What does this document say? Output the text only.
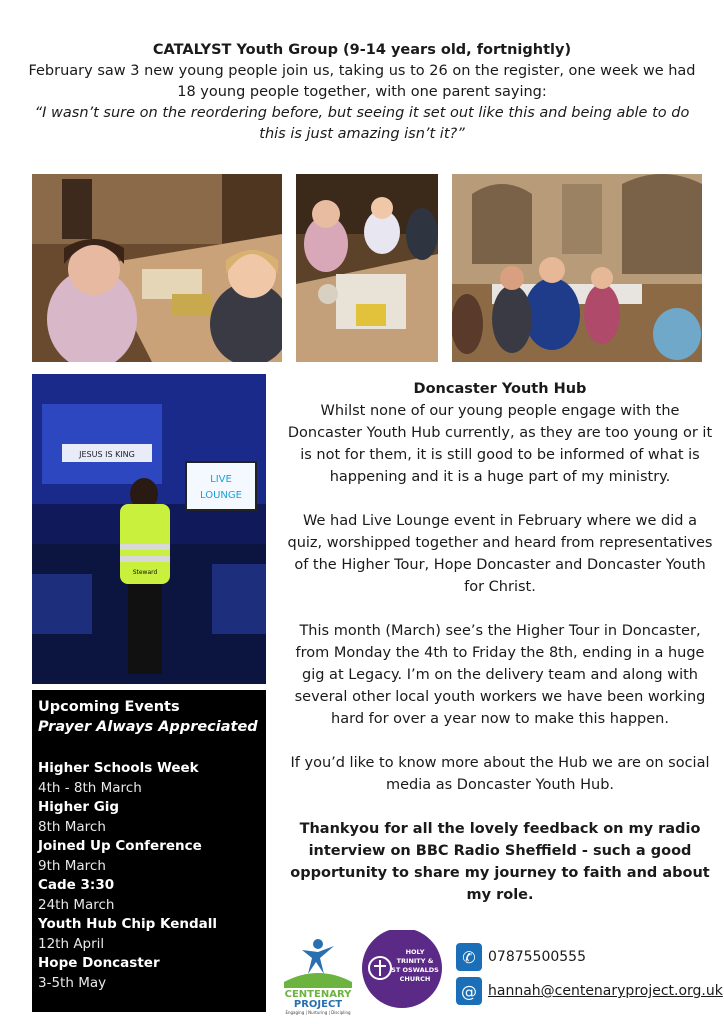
CATALYST Youth Group (9-14 years old, fortnightly)
February saw 3 new young people join us, taking us to 26 on the register, one week we had 18 young people together, with one parent saying:
“I wasn’t sure on the reordering before, but seeing it set out like this and being able to do this is just amazing isn’t it?”
JESUS IS KING
LIVE
LOUNGE
Steward

Doncaster Youth Hub

Whilst none of our young people engage with the Doncaster Youth Hub currently, as they are too young or it is not for them, it is still good to be informed of what is happening and it is a huge part of my ministry.

We had Live Lounge event in February where we did a quiz, worshipped together and heard from representatives of the Higher Tour, Hope Doncaster and Doncaster Youth for Christ.

This month (March) see’s the Higher Tour in Doncaster, from Monday the 4th to Friday the 8th, ending in a huge gig at Legacy. I’m on the delivery team and along with several other local youth workers we have been working hard for over a year now to make this happen.

If you’d like to know more about the Hub we are on social media as Doncaster Youth Hub.

Thankyou for all the lovely feedback on my radio interview on BBC Radio Sheffield - such a good opportunity to share my journey to faith and about my role.

Upcoming Events
Prayer Always Appreciated
Higher Schools Week
4th - 8th March
Higher Gig
8th March
Joined Up Conference
9th March
Cade 3:30
24th March
Youth Hub Chip Kendall
12th April
Hope Doncaster
3-5th May
CENTENARY
PROJECT
Engaging | Nurturing | Discipling
HOLY
TRINITY &
ST OSWALDS
CHURCH
✆ 07875500555
@ hannah@centenaryproject.org.uk
